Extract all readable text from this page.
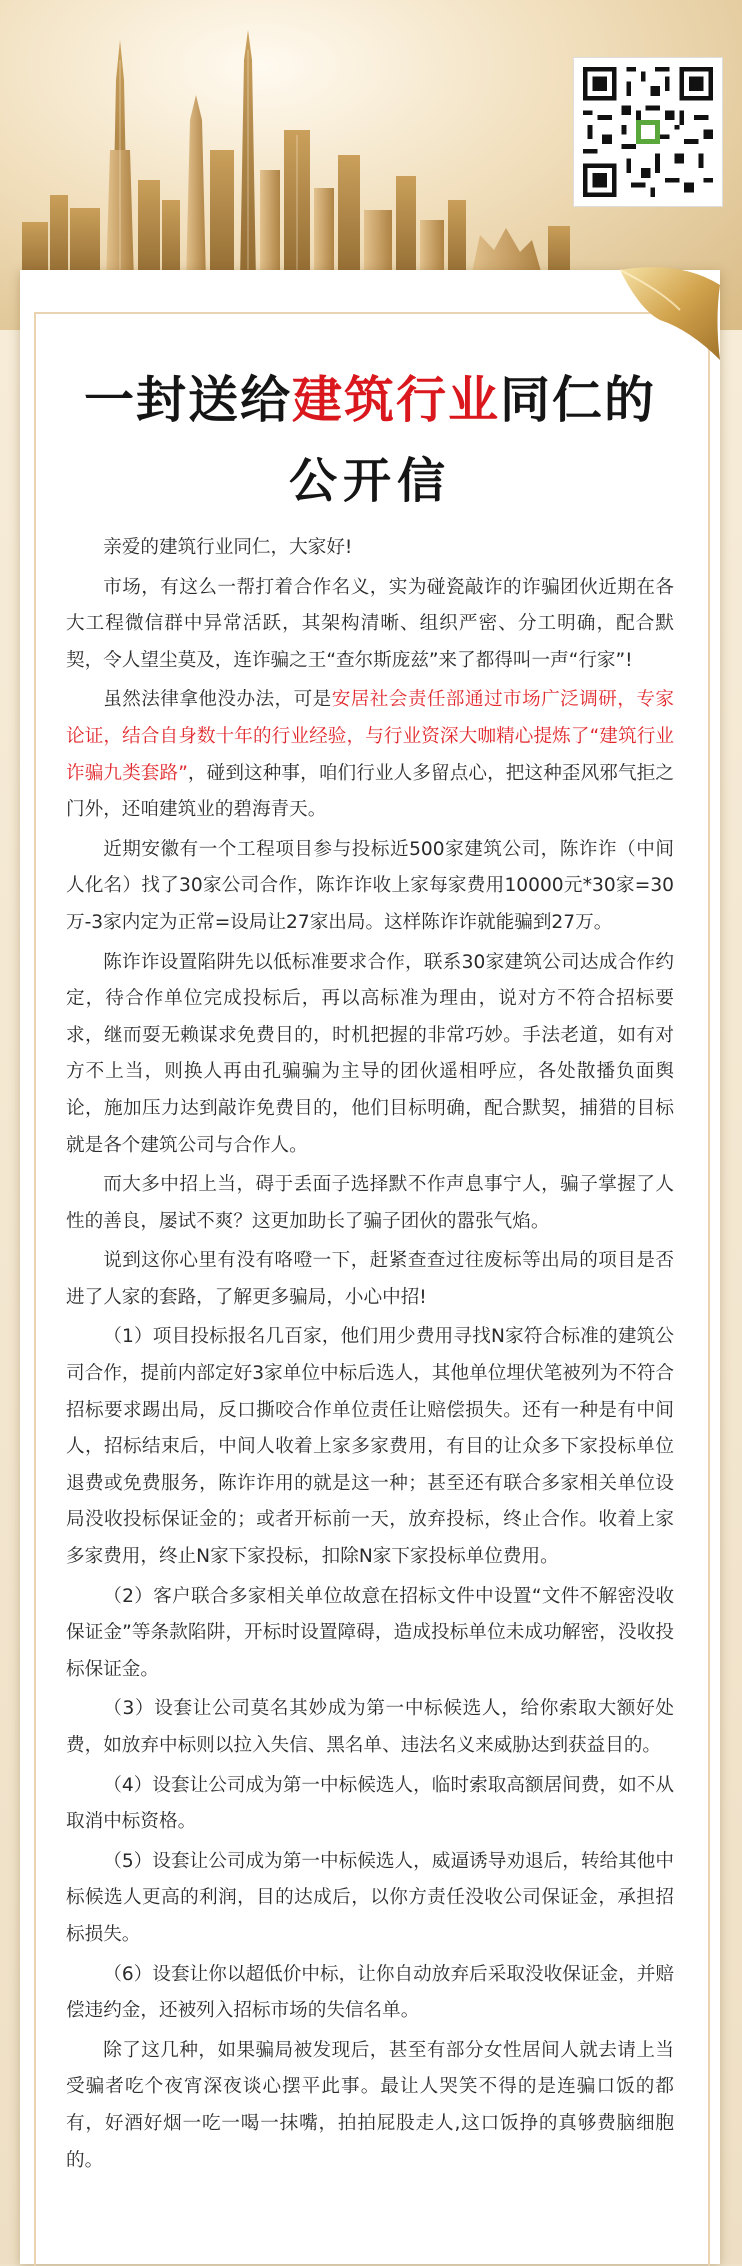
一封送给建筑行业同仁的
公开信

亲爱的建筑行业同仁，大家好!

市场，有这么一帮打着合作名义，实为碰瓷敲诈的诈骗团伙近期在各大工程微信群中异常活跃，其架构清晰、组织严密、分工明确，配合默契，令人望尘莫及，连诈骗之王“查尔斯庞兹”来了都得叫一声“行家”!

虽然法律拿他没办法，可是安居社会责任部通过市场广泛调研，专家论证，结合自身数十年的行业经验，与行业资深大咖精心提炼了“建筑行业诈骗九类套路”，碰到这种事，咱们行业人多留点心，把这种歪风邪气拒之门外，还咱建筑业的碧海青天。

近期安徽有一个工程项目参与投标近500家建筑公司，陈诈诈（中间人化名）找了30家公司合作，陈诈诈收上家每家费用10000元*30家=30万-3家内定为正常=设局让27家出局。这样陈诈诈就能骗到27万。

陈诈诈设置陷阱先以低标准要求合作，联系30家建筑公司达成合作约定，待合作单位完成投标后，再以高标准为理由，说对方不符合招标要求，继而耍无赖谋求免费目的，时机把握的非常巧妙。手法老道，如有对方不上当，则换人再由孔骗骗为主导的团伙遥相呼应，各处散播负面舆论，施加压力达到敲诈免费目的，他们目标明确，配合默契，捕猎的目标就是各个建筑公司与合作人。

而大多中招上当，碍于丢面子选择默不作声息事宁人，骗子掌握了人性的善良，屡试不爽？这更加助长了骗子团伙的嚣张气焰。

说到这你心里有没有咯噔一下，赶紧查查过往废标等出局的项目是否进了人家的套路，了解更多骗局，小心中招!

（1）项目投标报名几百家，他们用少费用寻找N家符合标准的建筑公司合作，提前内部定好3家单位中标后选人，其他单位埋伏笔被列为不符合招标要求踢出局，反口撕咬合作单位责任让赔偿损失。还有一种是有中间人，招标结束后，中间人收着上家多家费用，有目的让众多下家投标单位退费或免费服务，陈诈诈用的就是这一种；甚至还有联合多家相关单位设局没收投标保证金的；或者开标前一天，放弃投标，终止合作。收着上家多家费用，终止N家下家投标，扣除N家下家投标单位费用。

（2）客户联合多家相关单位故意在招标文件中设置“文件不解密没收保证金”等条款陷阱，开标时设置障碍，造成投标单位未成功解密，没收投标保证金。

（3）设套让公司莫名其妙成为第一中标候选人，给你索取大额好处费，如放弃中标则以拉入失信、黑名单、违法名义来威胁达到获益目的。

（4）设套让公司成为第一中标候选人，临时索取高额居间费，如不从取消中标资格。

（5）设套让公司成为第一中标候选人，威逼诱导劝退后，转给其他中标候选人更高的利润，目的达成后，以你方责任没收公司保证金，承担招标损失。

（6）设套让你以超低价中标，让你自动放弃后采取没收保证金，并赔偿违约金，还被列入招标市场的失信名单。

除了这几种，如果骗局被发现后，甚至有部分女性居间人就去请上当受骗者吃个夜宵深夜谈心摆平此事。最让人哭笑不得的是连骗口饭的都有，好酒好烟一吃一喝一抹嘴，拍拍屁股走人,这口饭挣的真够费脑细胞的。
